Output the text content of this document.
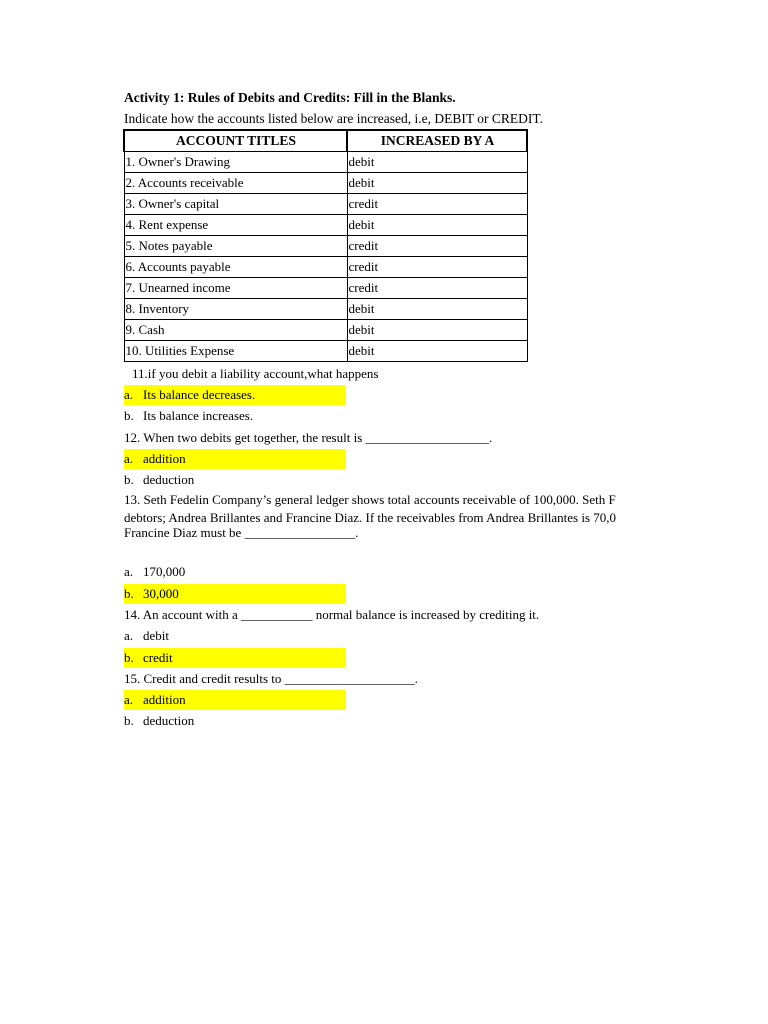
Activity 1: Rules of Debits and Credits: Fill in the Blanks.
Indicate how the accounts listed below are increased, i.e, DEBIT or CREDIT.
ACCOUNT TITLES	INCREASED BY A
1. Owner's Drawing	debit
2. Accounts receivable	debit
3. Owner's capital	credit
4. Rent expense	debit
5. Notes payable	credit
6. Accounts payable	credit
7. Unearned income	credit
8. Inventory	debit
9. Cash	debit
10. Utilities Expense	debit
11.if you debit a liability account,what happens
a. Its balance decreases.
b. Its balance increases.
12. When two debits get together, the result is ___________________.
a. addition
b. deduction
13. Seth Fedelin Company’s general ledger shows total accounts receivable of 100,000. Seth F
debtors; Andrea Brillantes and Francine Diaz. If the receivables from Andrea Brillantes is 70,0
Francine Diaz must be _________________.
a. 170,000
b. 30,000
14. An account with a ___________ normal balance is increased by crediting it.
a. debit
b. credit
15. Credit and credit results to ____________________.
a. addition
b. deduction
